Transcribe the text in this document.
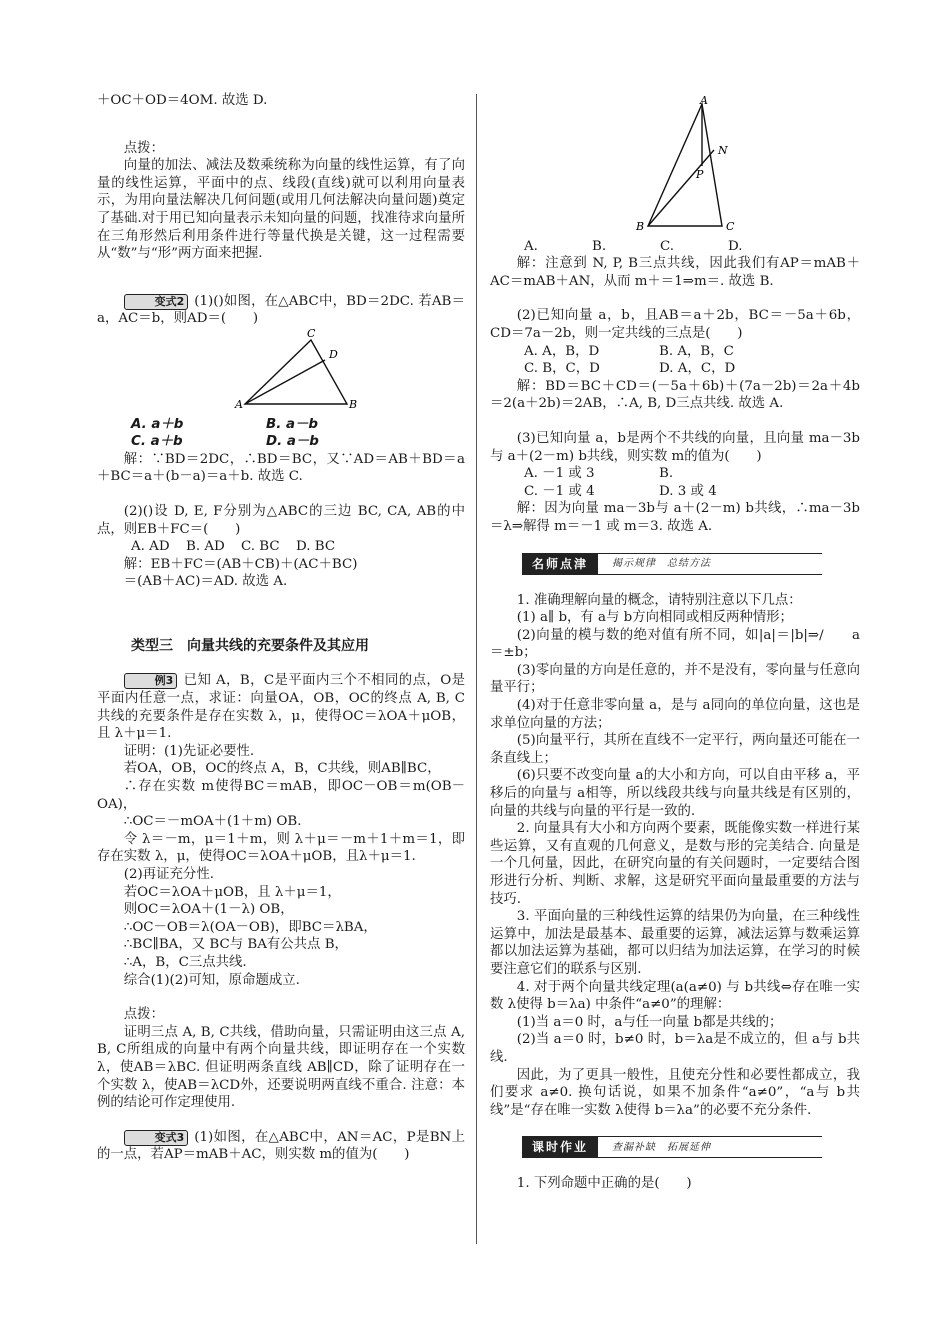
＋OC＋OD＝4OM. 故选 D.

点拨：

向量的加法、减法及数乘统称为向量的线性运算，有了向量的线性运算，平面中的点、线段(直线)就可以利用向量表示，为用向量法解决几何问题(或用几何法解决向量问题)奠定了基础.对于用已知向量表示未知向量的问题，找准待求向量所在三角形然后利用条件进行等量代换是关键，这一过程需要从“数”与“形”两方面来把握.

变式2 (1)()如图，在△ABC中，BD＝2DC. 若AB＝a，AC＝b，则AD＝(　　)

C
D
A	B
A. a＋b	B. a－b
C. a＋b	D. a－b

解：∵BD＝2DC，∴BD＝BC，又∵AD＝AB＋BD＝a＋BC＝a＋(b－a)＝a＋b. 故选 C.

(2)()设 D, E, F分别为△ABC的三边 BC, CA, AB的中点，则EB＋FC＝(　　)

A. AD	B. AD	C. BC	D. BC

解：EB＋FC＝(AB＋CB)＋(AC＋BC)

＝(AB＋AC)＝AD. 故选 A.

类型三　向量共线的充要条件及其应用

例3 已知 A，B，C是平面内三个不相同的点，O是平面内任意一点，求证：向量OA，OB，OC的终点 A, B, C共线的充要条件是存在实数 λ，μ，使得OC＝λOA＋μOB，且 λ＋μ＝1.

证明：(1)先证必要性.

若OA，OB，OC的终点 A，B，C共线，则AB∥BC，

∴存在实数 m使得BC＝mAB，即OC－OB＝m(OB－OA)，

∴OC＝－mOA＋(1＋m) OB.

令 λ＝－m，μ＝1＋m，则 λ＋μ＝－m＋1＋m＝1，即存在实数 λ，μ，使得OC＝λOA＋μOB，且λ＋μ＝1.

(2)再证充分性.

若OC＝λOA＋μOB，且 λ＋μ＝1，

则OC＝λOA＋(1－λ) OB，

∴OC－OB＝λ(OA－OB)，即BC＝λBA，

∴BC∥BA，又 BC与 BA有公共点 B，

∴A，B，C三点共线.

综合(1)(2)可知，原命题成立.

点拨：

证明三点 A, B, C共线，借助向量，只需证明由这三点 A, B, C所组成的向量中有两个向量共线，即证明存在一个实数 λ，使AB＝λBC. 但证明两条直线 AB∥CD，除了证明存在一个实数 λ，使AB＝λCD外，还要说明两直线不重合. 注意：本例的结论可作定理使用.

变式3 (1)如图，在△ABC中，AN＝AC，P是BN上的一点，若AP＝mAB＋AC，则实数 m的值为(　　)

A
N
P
B	C
A.	B.	C.	D.

解：注意到 N, P, B三点共线，因此我们有AP＝mAB＋AC＝mAB＋AN，从而 m＋＝1⇒m＝. 故选 B.

(2)已知向量 a，b，且AB＝a＋2b，BC＝－5a＋6b，CD＝7a－2b，则一定共线的三点是(　　)

A. A，B，D	B. A，B，C
C. B，C，D	D. A，C，D

解：BD＝BC＋CD＝(－5a＋6b)＋(7a－2b)＝2a＋4b＝2(a＋2b)＝2AB，∴A, B, D三点共线. 故选 A.

(3)已知向量 a，b是两个不共线的向量，且向量 ma－3b与 a＋(2－m) b共线，则实数 m的值为(　　)

A. －1 或 3	B.
C. －1 或 4	D. 3 或 4

解：因为向量 ma－3b与 a＋(2－m) b共线，∴ma－3b＝λ⇒解得 m＝－1 或 m＝3. 故选 A.

名师点津	揭示规律　总结方法

1. 准确理解向量的概念，请特别注意以下几点：

(1) a∥ b，有 a与 b方向相同或相反两种情形；

(2)向量的模与数的绝对值有所不同，如|a|＝|b|⇒/　　a＝±b；

(3)零向量的方向是任意的，并不是没有，零向量与任意向量平行；

(4)对于任意非零向量 a，是与 a同向的单位向量，这也是求单位向量的方法；

(5)向量平行，其所在直线不一定平行，两向量还可能在一条直线上；

(6)只要不改变向量 a的大小和方向，可以自由平移 a，平移后的向量与 a相等，所以线段共线与向量共线是有区别的，向量的共线与向量的平行是一致的.

2. 向量具有大小和方向两个要素，既能像实数一样进行某些运算，又有直观的几何意义，是数与形的完美结合. 向量是一个几何量，因此，在研究向量的有关问题时，一定要结合图形进行分析、判断、求解，这是研究平面向量最重要的方法与技巧.

3. 平面向量的三种线性运算的结果仍为向量，在三种线性运算中，加法是最基本、最重要的运算，减法运算与数乘运算都以加法运算为基础，都可以归结为加法运算，在学习的时候要注意它们的联系与区别.

4. 对于两个向量共线定理(a(a≠0) 与 b共线⇔存在唯一实数 λ使得 b＝λa) 中条件“a≠0”的理解：

(1)当 a＝0 时，a与任一向量 b都是共线的；

(2)当 a＝0 时，b≠0 时，b＝λa是不成立的，但 a与 b共线.

因此，为了更具一般性，且使充分性和必要性都成立，我们要求 a≠0. 换句话说，如果不加条件“a≠0”，“a与 b共线”是“存在唯一实数 λ使得 b＝λa”的必要不充分条件.

课时作业	查漏补缺　拓展延伸

1. 下列命题中正确的是(　　)
